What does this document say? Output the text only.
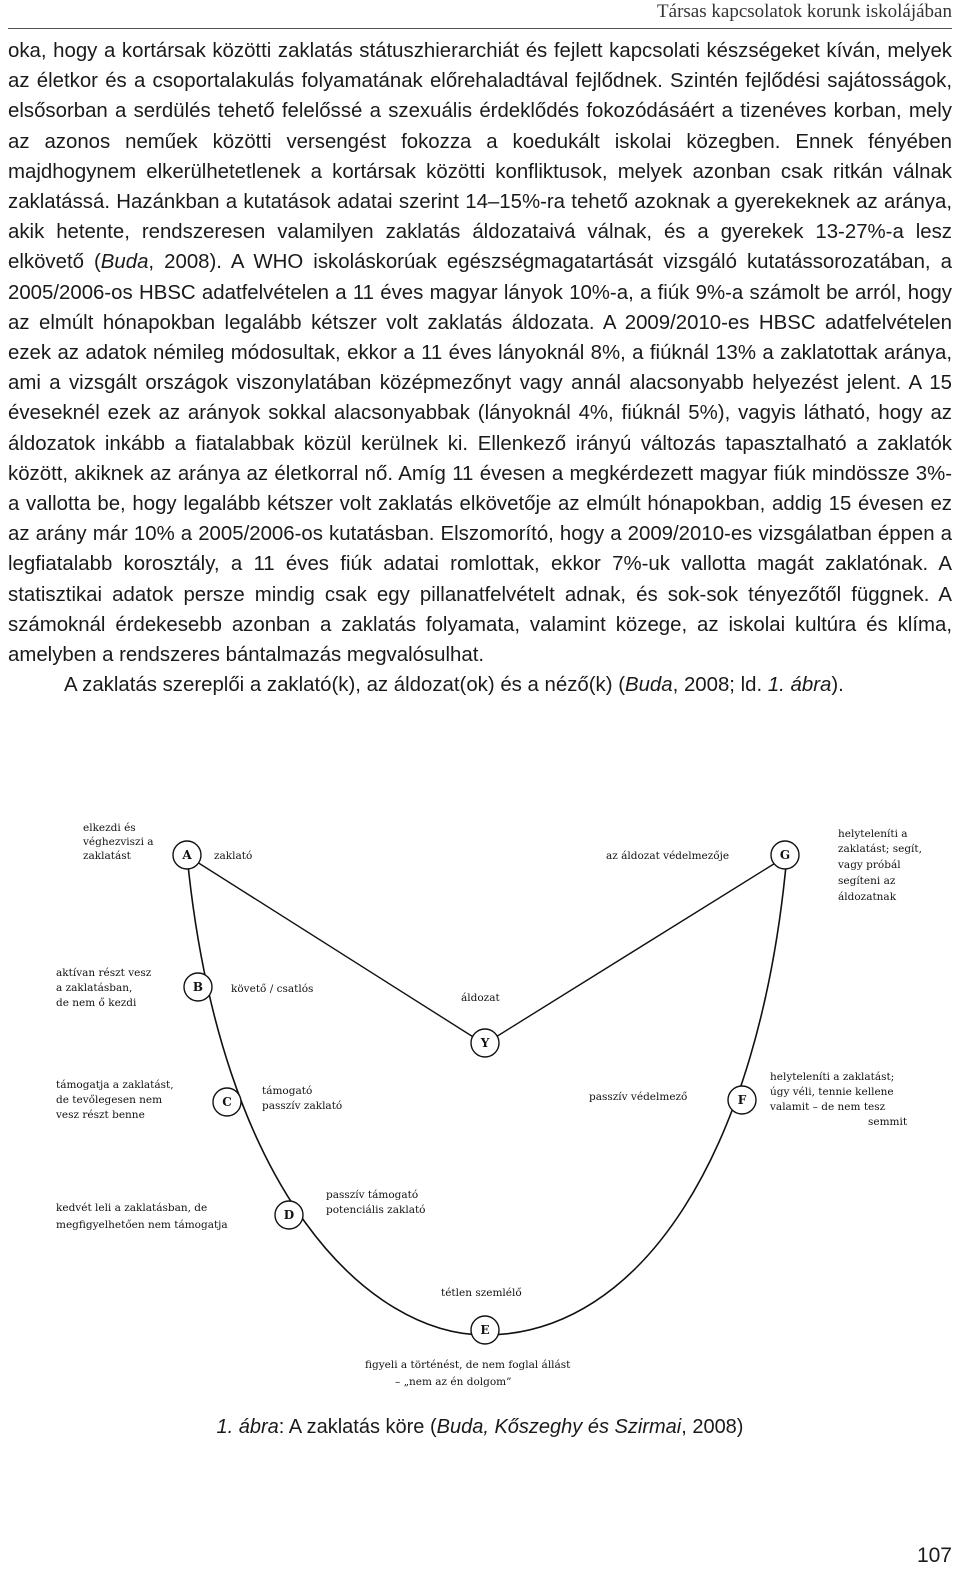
Társas kapcsolatok korunk iskolájában

oka, hogy a kortársak közötti zaklatás státuszhierarchiát és fejlett kapcsolati készségeket kíván, melyek az életkor és a csoportalakulás folyamatának előrehaladtával fejlődnek. Szintén fejlődési sajátosságok, elsősorban a serdülés tehető felelőssé a szexuális érdeklődés fokozódásáért a tizenéves korban, mely az azonos neműek közötti versengést fokozza a koedukált iskolai közegben. Ennek fényében majdhogynem elkerülhetetlenek a kortársak közötti konfliktusok, melyek azonban csak ritkán válnak zaklatássá. Hazánkban a kutatások adatai szerint 14–15%-ra tehető azoknak a gyerekeknek az aránya, akik hetente, rendszeresen valamilyen zaklatás áldozataivá válnak, és a gyerekek 13-27%-a lesz elkövető (Buda, 2008). A WHO iskoláskorúak egészségmagatartását vizsgáló kutatássorozatában, a 2005/2006-os HBSC adatfelvételen a 11 éves magyar lányok 10%-a, a fiúk 9%-a számolt be arról, hogy az elmúlt hónapokban legalább kétszer volt zaklatás áldozata. A 2009/2010-es HBSC adatfelvételen ezek az adatok némileg módosultak, ekkor a 11 éves lányoknál 8%, a fiúknál 13% a zaklatottak aránya, ami a vizsgált országok viszonylatában középmezőnyt vagy annál alacsonyabb helyezést jelent. A 15 éveseknél ezek az arányok sokkal alacsonyabbak (lányoknál 4%, fiúknál 5%), vagyis látható, hogy az áldozatok inkább a fiatalabbak közül kerülnek ki. Ellenkező irányú változás tapasztalható a zaklatók között, akiknek az aránya az életkorral nő. Amíg 11 évesen a megkérdezett magyar fiúk mindössze 3%-a vallotta be, hogy legalább kétszer volt zaklatás elkövetője az elmúlt hónapokban, addig 15 évesen ez az arány már 10% a 2005/2006-os kutatásban. Elszomorító, hogy a 2009/2010-es vizsgálatban éppen a legfiatalabb korosztály, a 11 éves fiúk adatai romlottak, ekkor 7%-uk vallotta magát zaklatónak. A statisztikai adatok persze mindig csak egy pillanatfelvételt adnak, és sok-sok tényezőtől függnek. A számoknál érdekesebb azonban a zaklatás folyamata, valamint közege, az iskolai kultúra és klíma, amelyben a rendszeres bántalmazás megvalósulhat.

A zaklatás szereplői a zaklató(k), az áldozat(ok) és a néző(k) (Buda, 2008; ld. 1. ábra).

A
B
C
D
E
F
G
Y
elkezdi és
véghezviszi a
zaklatást	zaklató
aktívan részt vesz
a zaklatásban,
de nem ő kezdi
követő / csatlós
támogatja a zaklatást,
de tevőlegesen nem
vesz részt benne
támogató
passzív zaklató
kedvét leli a zaklatásban, de
megfigyelhetően nem támogatja
passzív támogató
potenciális zaklató
tétlen szemlélő
figyeli a történést, de nem foglal állást
– „nem az én dolgom”
passzív védelmező
helyteleníti a zaklatást;
úgy véli, tennie kellene
valamit – de nem tesz
semmit
az áldozat védelmezője
helyteleníti a
zaklatást; segít,
vagy próbál
segíteni az
áldozatnak
áldozat
1. ábra: A zaklatás köre (Buda, Kőszeghy és Szirmai, 2008)
107
